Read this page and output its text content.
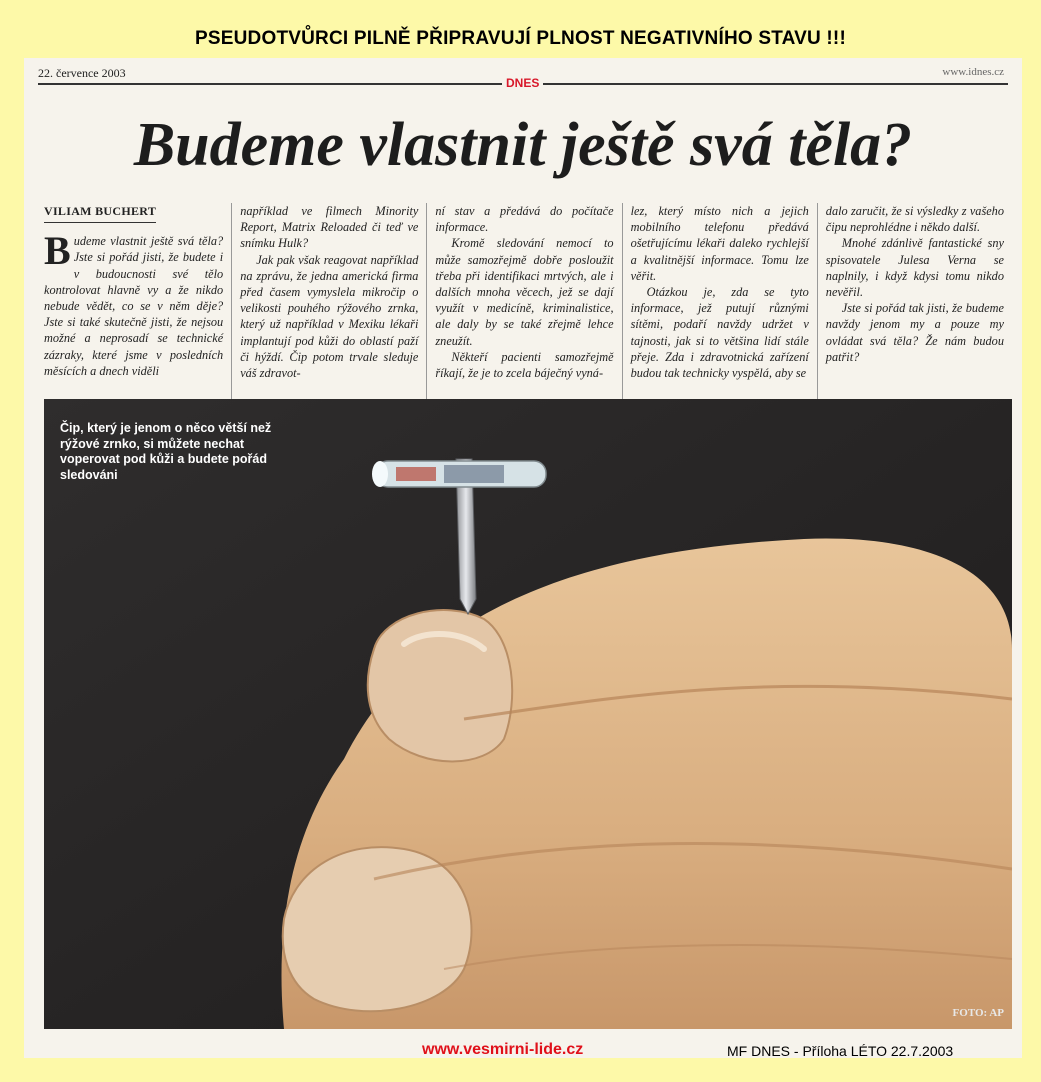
PSEUDOTVŮRCI PILNĚ PŘIPRAVUJÍ PLNOST NEGATIVNÍHO STAVU !!!
22. července 2003
DNES
www.idnes.cz
Budeme vlastnit ještě svá těla?
VILIAM BUCHERT

Budeme vlastnit ještě svá těla? Jste si pořád jisti, že budete i v budoucnosti své tělo kontrolovat hlavně vy a že nikdo nebude vědět, co se v něm děje? Jste si také skutečně jisti, že nejsou možné a neprosadí se technické zázraky, které jsme v posledních měsících a dnech viděli

například ve filmech Minority Report, Matrix Reloaded či teď ve snímku Hulk?

Jak pak však reagovat například na zprávu, že jedna americká firma před časem vymyslela mikročip o velikosti pouhého rýžového zrnka, který už například v Mexiku lékaři implantují pod kůži do oblastí paží či hýždí. Čip potom trvale sleduje váš zdravot-

ní stav a předává do počítače informace.

Kromě sledování nemocí to může samozřejmě dobře posloužit třeba při identifikaci mrtvých, ale i dalších mnoha věcech, jež se dají využít v medicíně, kriminalistice, ale daly by se také zřejmě lehce zneužít.

Někteří pacienti samozřejmě říkají, že je to zcela báječný vyná-

lez, který místo nich a jejich mobilního telefonu předává ošetřujícímu lékaři daleko rychlejší a kvalitnější informace. Tomu lze věřit.

Otázkou je, zda se tyto informace, jež putují různými sítěmi, podaří navždy udržet v tajnosti, jak si to většina lidí stále přeje. Zda i zdravotnická zařízení budou tak technicky vyspělá, aby se

dalo zaručit, že si výsledky z vašeho čipu neprohlédne i někdo další.

Mnohé zdánlivě fantastické sny spisovatele Julesa Verna se naplnily, i když kdysi tomu nikdo nevěřil.

Jste si pořád tak jisti, že budeme navždy jenom my a pouze my ovládat svá těla? Že nám budou patřit?

Čip, který je jenom o něco větší než rýžové zrnko, si můžete nechat voperovat pod kůži a budete pořád sledováni
FOTO: AP
www.vesmirni-lide.cz	MF DNES - Příloha LÉTO 22.7.2003
